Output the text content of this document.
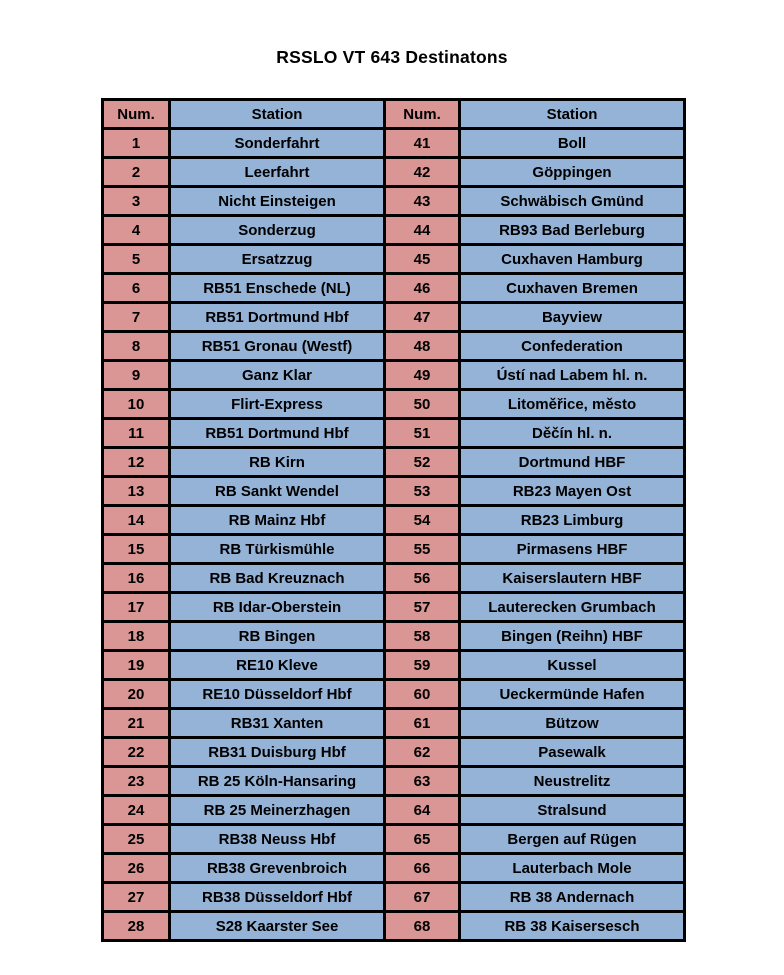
RSSLO VT 643 Destinatons
Num.	Station	Num.	Station
1	Sonderfahrt	41	Boll
2	Leerfahrt	42	Göppingen
3	Nicht Einsteigen	43	Schwäbisch Gmünd
4	Sonderzug	44	RB93 Bad Berleburg
5	Ersatzzug	45	Cuxhaven Hamburg
6	RB51 Enschede (NL)	46	Cuxhaven Bremen
7	RB51 Dortmund Hbf	47	Bayview
8	RB51 Gronau (Westf)	48	Confederation
9	Ganz Klar	49	Ústí nad Labem hl. n.
10	Flirt-Express	50	Litoměřice, město
11	RB51 Dortmund Hbf	51	Děčín hl. n.
12	RB Kirn	52	Dortmund HBF
13	RB Sankt Wendel	53	RB23 Mayen Ost
14	RB Mainz Hbf	54	RB23 Limburg
15	RB Türkismühle	55	Pirmasens HBF
16	RB Bad Kreuznach	56	Kaiserslautern HBF
17	RB Idar-Oberstein	57	Lauterecken Grumbach
18	RB Bingen	58	Bingen (Reihn) HBF
19	RE10 Kleve	59	Kussel
20	RE10 Düsseldorf Hbf	60	Ueckermünde Hafen
21	RB31 Xanten	61	Bützow
22	RB31 Duisburg Hbf	62	Pasewalk
23	RB 25 Köln-Hansaring	63	Neustrelitz
24	RB 25 Meinerzhagen	64	Stralsund
25	RB38 Neuss Hbf	65	Bergen auf Rügen
26	RB38 Grevenbroich	66	Lauterbach Mole
27	RB38 Düsseldorf Hbf	67	RB 38 Andernach
28	S28 Kaarster See	68	RB 38 Kaisersesch
